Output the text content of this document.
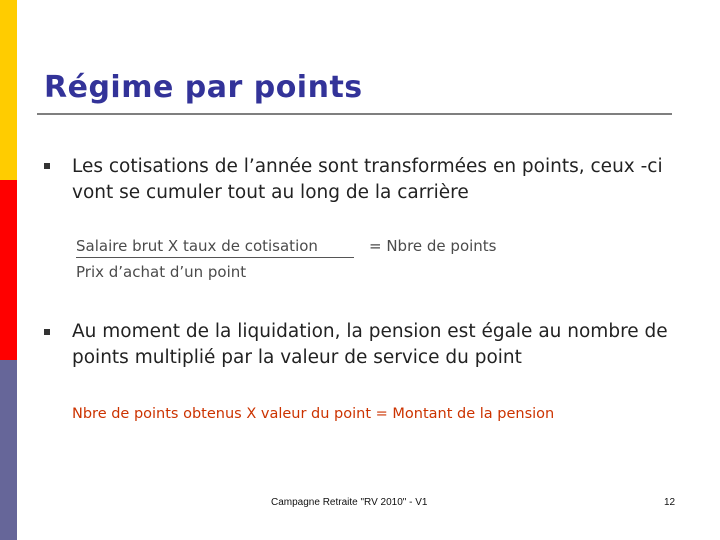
Régime par points
Les cotisations de l’année sont transformées en points, ceux -ci vont se cumuler tout au long de la carrière
Salaire brut X taux de cotisation	= Nbre de points
Prix d’achat d’un point
Au moment de la liquidation, la pension est égale au nombre de points multiplié par la valeur de service du point
Nbre de points obtenus X valeur du point = Montant de la pension
Campagne Retraite "RV 2010" - V1	12
